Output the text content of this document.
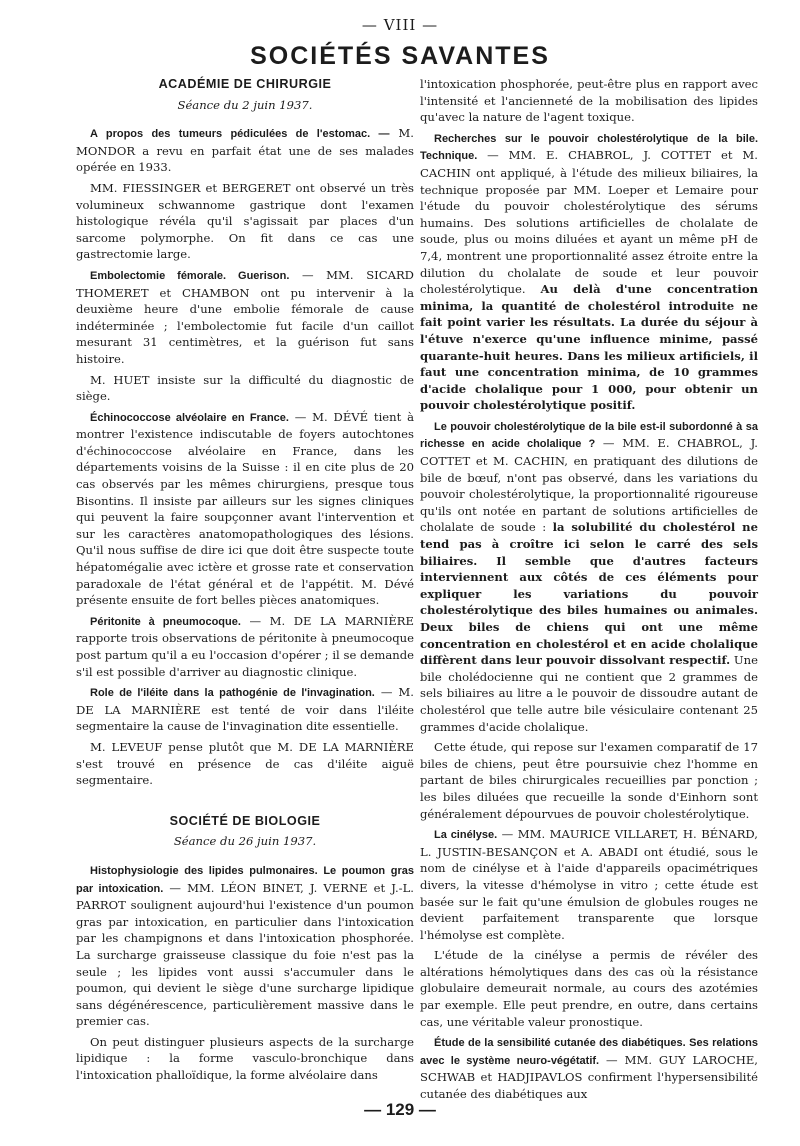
— VIII —
SOCIÉTÉS SAVANTES
ACADÉMIE DE CHIRURGIE
Séance du 2 juin 1937.

A propos des tumeurs pédiculées de l'estomac. — M. MONDOR a revu en parfait état une de ses malades opérée en 1933.

MM. FIESSINGER et BERGERET ont observé un très volumineux schwannome gastrique dont l'examen histologique révéla qu'il s'agissait par places d'un sarcome polymorphe. On fit dans ce cas une gastrectomie large.

Embolectomie fémorale. Guerison. — MM. SICARD THOMERET et CHAMBON ont pu intervenir à la deuxième heure d'une embolie fémorale de cause indéterminée ; l'embolectomie fut facile d'un caillot mesurant 31 centimètres, et la guérison fut sans histoire.

M. HUET insiste sur la difficulté du diagnostic de siège.

Échinococcose alvéolaire en France. — M. DÉVÉ tient à montrer l'existence indiscutable de foyers autochtones d'échinococcose alvéolaire en France, dans les départements voisins de la Suisse : il en cite plus de 20 cas observés par les mêmes chirurgiens, presque tous Bisontins. Il insiste par ailleurs sur les signes cliniques qui peuvent la faire soupçonner avant l'intervention et sur les caractères anatomopathologiques des lésions. Qu'il nous suffise de dire ici que doit être suspecte toute hépatomégalie avec ictère et grosse rate et conservation paradoxale de l'état général et de l'appétit. M. Dévé présente ensuite de fort belles pièces anatomiques.

Péritonite à pneumocoque. — M. DE LA MARNIÈRE rapporte trois observations de péritonite à pneumocoque post partum qu'il a eu l'occasion d'opérer ; il se demande s'il est possible d'arriver au diagnostic clinique.

Role de l'iléite dans la pathogénie de l'invagination. — M. DE LA MARNIÈRE est tenté de voir dans l'iléite segmentaire la cause de l'invagination dite essentielle.

M. LEVEUF pense plutôt que M. DE LA MARNIÈRE s'est trouvé en présence de cas d'iléite aiguë segmentaire.

SOCIÉTÉ DE BIOLOGIE
Séance du 26 juin 1937.

Histophysiologie des lipides pulmonaires. Le poumon gras par intoxication. — MM. LÉON BINET, J. VERNE et J.-L. PARROT soulignent aujourd'hui l'existence d'un poumon gras par intoxication, en particulier dans l'intoxication par les champignons et dans l'intoxication phosphorée. La surcharge graisseuse classique du foie n'est pas la seule ; les lipides vont aussi s'accumuler dans le poumon, qui devient le siège d'une surcharge lipidique sans dégénérescence, particulièrement massive dans le premier cas.

On peut distinguer plusieurs aspects de la surcharge lipidique : la forme vasculo-bronchique dans l'intoxication phalloïdique, la forme alvéolaire dans

l'intoxication phosphorée, peut-être plus en rapport avec l'intensité et l'ancienneté de la mobilisation des lipides qu'avec la nature de l'agent toxique.

Recherches sur le pouvoir cholestérolytique de la bile. Technique. — MM. E. CHABROL, J. COTTET et M. CACHIN ont appliqué, à l'étude des milieux biliaires, la technique proposée par MM. Loeper et Lemaire pour l'étude du pouvoir cholestérolytique des sérums humains. Des solutions artificielles de cholalate de soude, plus ou moins diluées et ayant un même pH de 7,4, montrent une proportionnalité assez étroite entre la dilution du cholalate de soude et leur pouvoir cholestérolytique. Au delà d'une concentration minima, la quantité de cholestérol introduite ne fait point varier les résultats. La durée du séjour à l'étuve n'exerce qu'une influence minime, passé quarante-huit heures. Dans les milieux artificiels, il faut une concentration minima, de 10 grammes d'acide cholalique pour 1 000, pour obtenir un pouvoir cholestérolytique positif.

Le pouvoir cholestérolytique de la bile est-il subordonné à sa richesse en acide cholalique ? — MM. E. CHABROL, J. COTTET et M. CACHIN, en pratiquant des dilutions de bile de bœuf, n'ont pas observé, dans les variations du pouvoir cholestérolytique, la proportionnalité rigoureuse qu'ils ont notée en partant de solutions artificielles de cholalate de soude : la solubilité du cholestérol ne tend pas à croître ici selon le carré des sels biliaires. Il semble que d'autres facteurs interviennent aux côtés de ces éléments pour expliquer les variations du pouvoir cholestérolytique des biles humaines ou animales. Deux biles de chiens qui ont une même concentration en cholestérol et en acide cholalique diffèrent dans leur pouvoir dissolvant respectif. Une bile cholédocienne qui ne contient que 2 grammes de sels biliaires au litre a le pouvoir de dissoudre autant de cholestérol que telle autre bile vésiculaire contenant 25 grammes d'acide cholalique.

Cette étude, qui repose sur l'examen comparatif de 17 biles de chiens, peut être poursuivie chez l'homme en partant de biles chirurgicales recueillies par ponction ; les biles diluées que recueille la sonde d'Einhorn sont généralement dépourvues de pouvoir cholestérolytique.

La cinélyse. — MM. MAURICE VILLARET, H. BÉNARD, L. JUSTIN-BESANÇON et A. ABADI ont étudié, sous le nom de cinélyse et à l'aide d'appareils opacimétriques divers, la vitesse d'hémolyse in vitro ; cette étude est basée sur le fait qu'une émulsion de globules rouges ne devient parfaitement transparente que lorsque l'hémolyse est complète.

L'étude de la cinélyse a permis de révéler des altérations hémolytiques dans des cas où la résistance globulaire demeurait normale, au cours des azotémies par exemple. Elle peut prendre, en outre, dans certains cas, une véritable valeur pronostique.

Étude de la sensibilité cutanée des diabétiques. Ses relations avec le système neuro-végétatif. — MM. GUY LAROCHE, SCHWAB et HADJIPAVLOS confirment l'hypersensibilité cutanée des diabétiques aux

— 129 —
